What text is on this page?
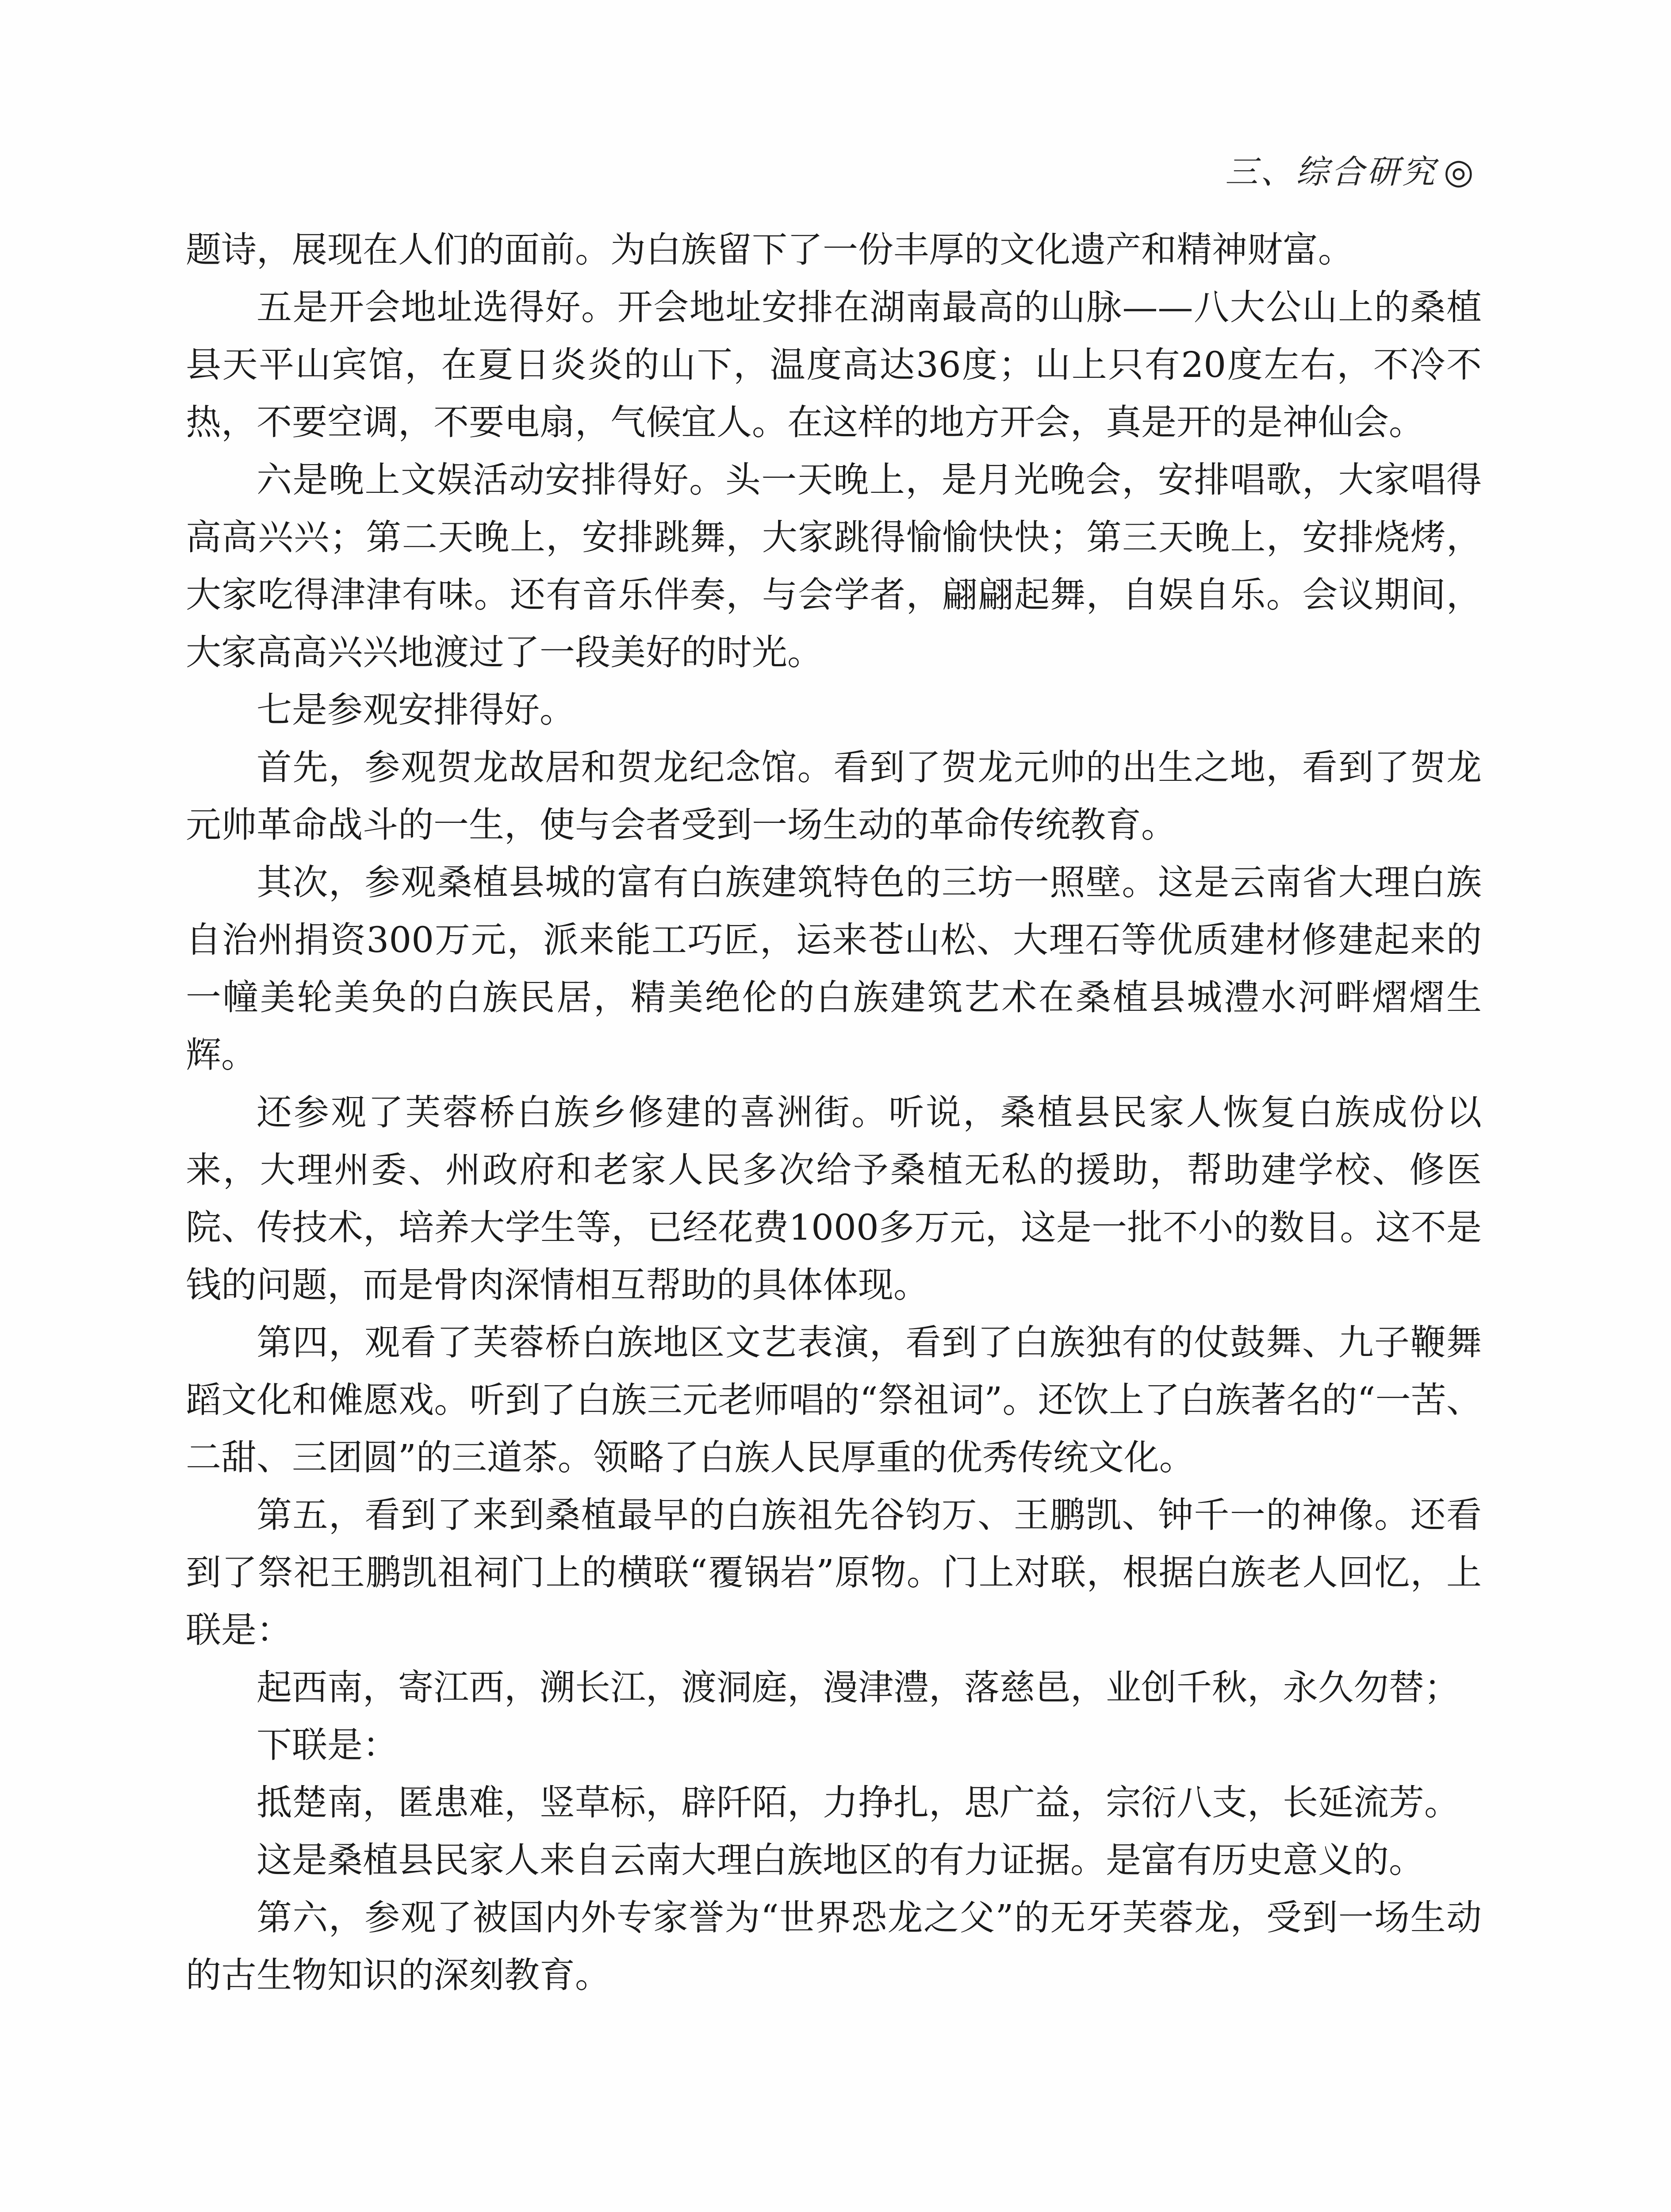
三、综合研究 ◎

题诗，展现在人们的面前。为白族留下了一份丰厚的文化遗产和精神财富。

五是开会地址选得好。开会地址安排在湖南最高的山脉——八大公山上的桑植县天平山宾馆，在夏日炎炎的山下，温度高达36度；山上只有20度左右，不冷不热，不要空调，不要电扇，气候宜人。在这样的地方开会，真是开的是神仙会。

六是晚上文娱活动安排得好。头一天晚上，是月光晚会，安排唱歌，大家唱得高高兴兴；第二天晚上，安排跳舞，大家跳得愉愉快快；第三天晚上，安排烧烤，大家吃得津津有味。还有音乐伴奏，与会学者，翩翩起舞，自娱自乐。会议期间，大家高高兴兴地渡过了一段美好的时光。

七是参观安排得好。

首先，参观贺龙故居和贺龙纪念馆。看到了贺龙元帅的出生之地，看到了贺龙元帅革命战斗的一生，使与会者受到一场生动的革命传统教育。

其次，参观桑植县城的富有白族建筑特色的三坊一照壁。这是云南省大理白族自治州捐资300万元，派来能工巧匠，运来苍山松、大理石等优质建材修建起来的一幢美轮美奂的白族民居，精美绝伦的白族建筑艺术在桑植县城澧水河畔熠熠生辉。

还参观了芙蓉桥白族乡修建的喜洲街。听说，桑植县民家人恢复白族成份以来，大理州委、州政府和老家人民多次给予桑植无私的援助，帮助建学校、修医院、传技术，培养大学生等，已经花费1000多万元，这是一批不小的数目。这不是钱的问题，而是骨肉深情相互帮助的具体体现。

第四，观看了芙蓉桥白族地区文艺表演，看到了白族独有的仗鼓舞、九子鞭舞蹈文化和傩愿戏。听到了白族三元老师唱的“祭祖词”。还饮上了白族著名的“一苦、二甜、三团圆”的三道茶。领略了白族人民厚重的优秀传统文化。

第五，看到了来到桑植最早的白族祖先谷钧万、王鹏凯、钟千一的神像。还看到了祭祀王鹏凯祖祠门上的横联“覆锅岩”原物。门上对联，根据白族老人回忆，上联是：

起西南，寄江西，溯长江，渡洞庭，漫津澧，落慈邑，业创千秋，永久勿替；

下联是：

抵楚南，匿患难，竖草标，辟阡陌，力挣扎，思广益，宗衍八支，长延流芳。

这是桑植县民家人来自云南大理白族地区的有力证据。是富有历史意义的。

第六，参观了被国内外专家誉为“世界恐龙之父”的无牙芙蓉龙，受到一场生动的古生物知识的深刻教育。
